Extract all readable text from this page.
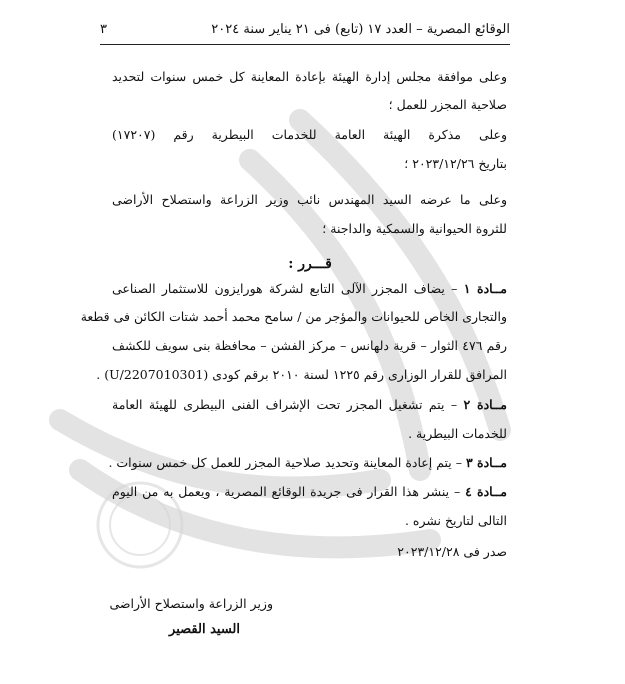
٣	الوقائع المصرية – العدد ١٧ (تابع) فى ٢١ يناير سنة ٢٠٢٤
وعلى موافقة مجلس إدارة الهيئة بإعادة المعاينة كل خمس سنوات لتحديد
صلاحية المجزر للعمل ؛
وعلى مذكرة الهيئة العامة للخدمات البيطرية رقم (١٧٢٠٧)
بتاريخ ٢٠٢٣/١٢/٢٦ ؛
وعلى ما عرضه السيد المهندس نائب وزير الزراعة واستصلاح الأراضى
للثروة الحيوانية والسمكية والداجنة ؛
قـــرر :
مــادة ١ – يضاف المجزر الآلى التابع لشركة هورايزون للاستثمار الصناعى
والتجارى الخاص للحيوانات والمؤجر من / سامح محمد أحمد شتات الكائن فى قطعة
رقم ٤٧٦ الثوار – قرية دلهانس – مركز الفشن – محافظة بنى سويف للكشف
المرافق للقرار الوزارى رقم ١٢٢٥ لسنة ٢٠١٠ برقم كودى (U/2207010301) .
مــادة ٢ – يتم تشغيل المجزر تحت الإشراف الفنى البيطرى للهيئة العامة
للخدمات البيطرية .
مــادة ٣ – يتم إعادة المعاينة وتحديد صلاحية المجزر للعمل كل خمس سنوات .
مــادة ٤ – ينشر هذا القرار فى جريدة الوقائع المصرية ، ويعمل به من اليوم
التالى لتاريخ نشره .
صدر فى ٢٠٢٣/١٢/٢٨
وزير الزراعة واستصلاح الأراضى
السيد القصير
